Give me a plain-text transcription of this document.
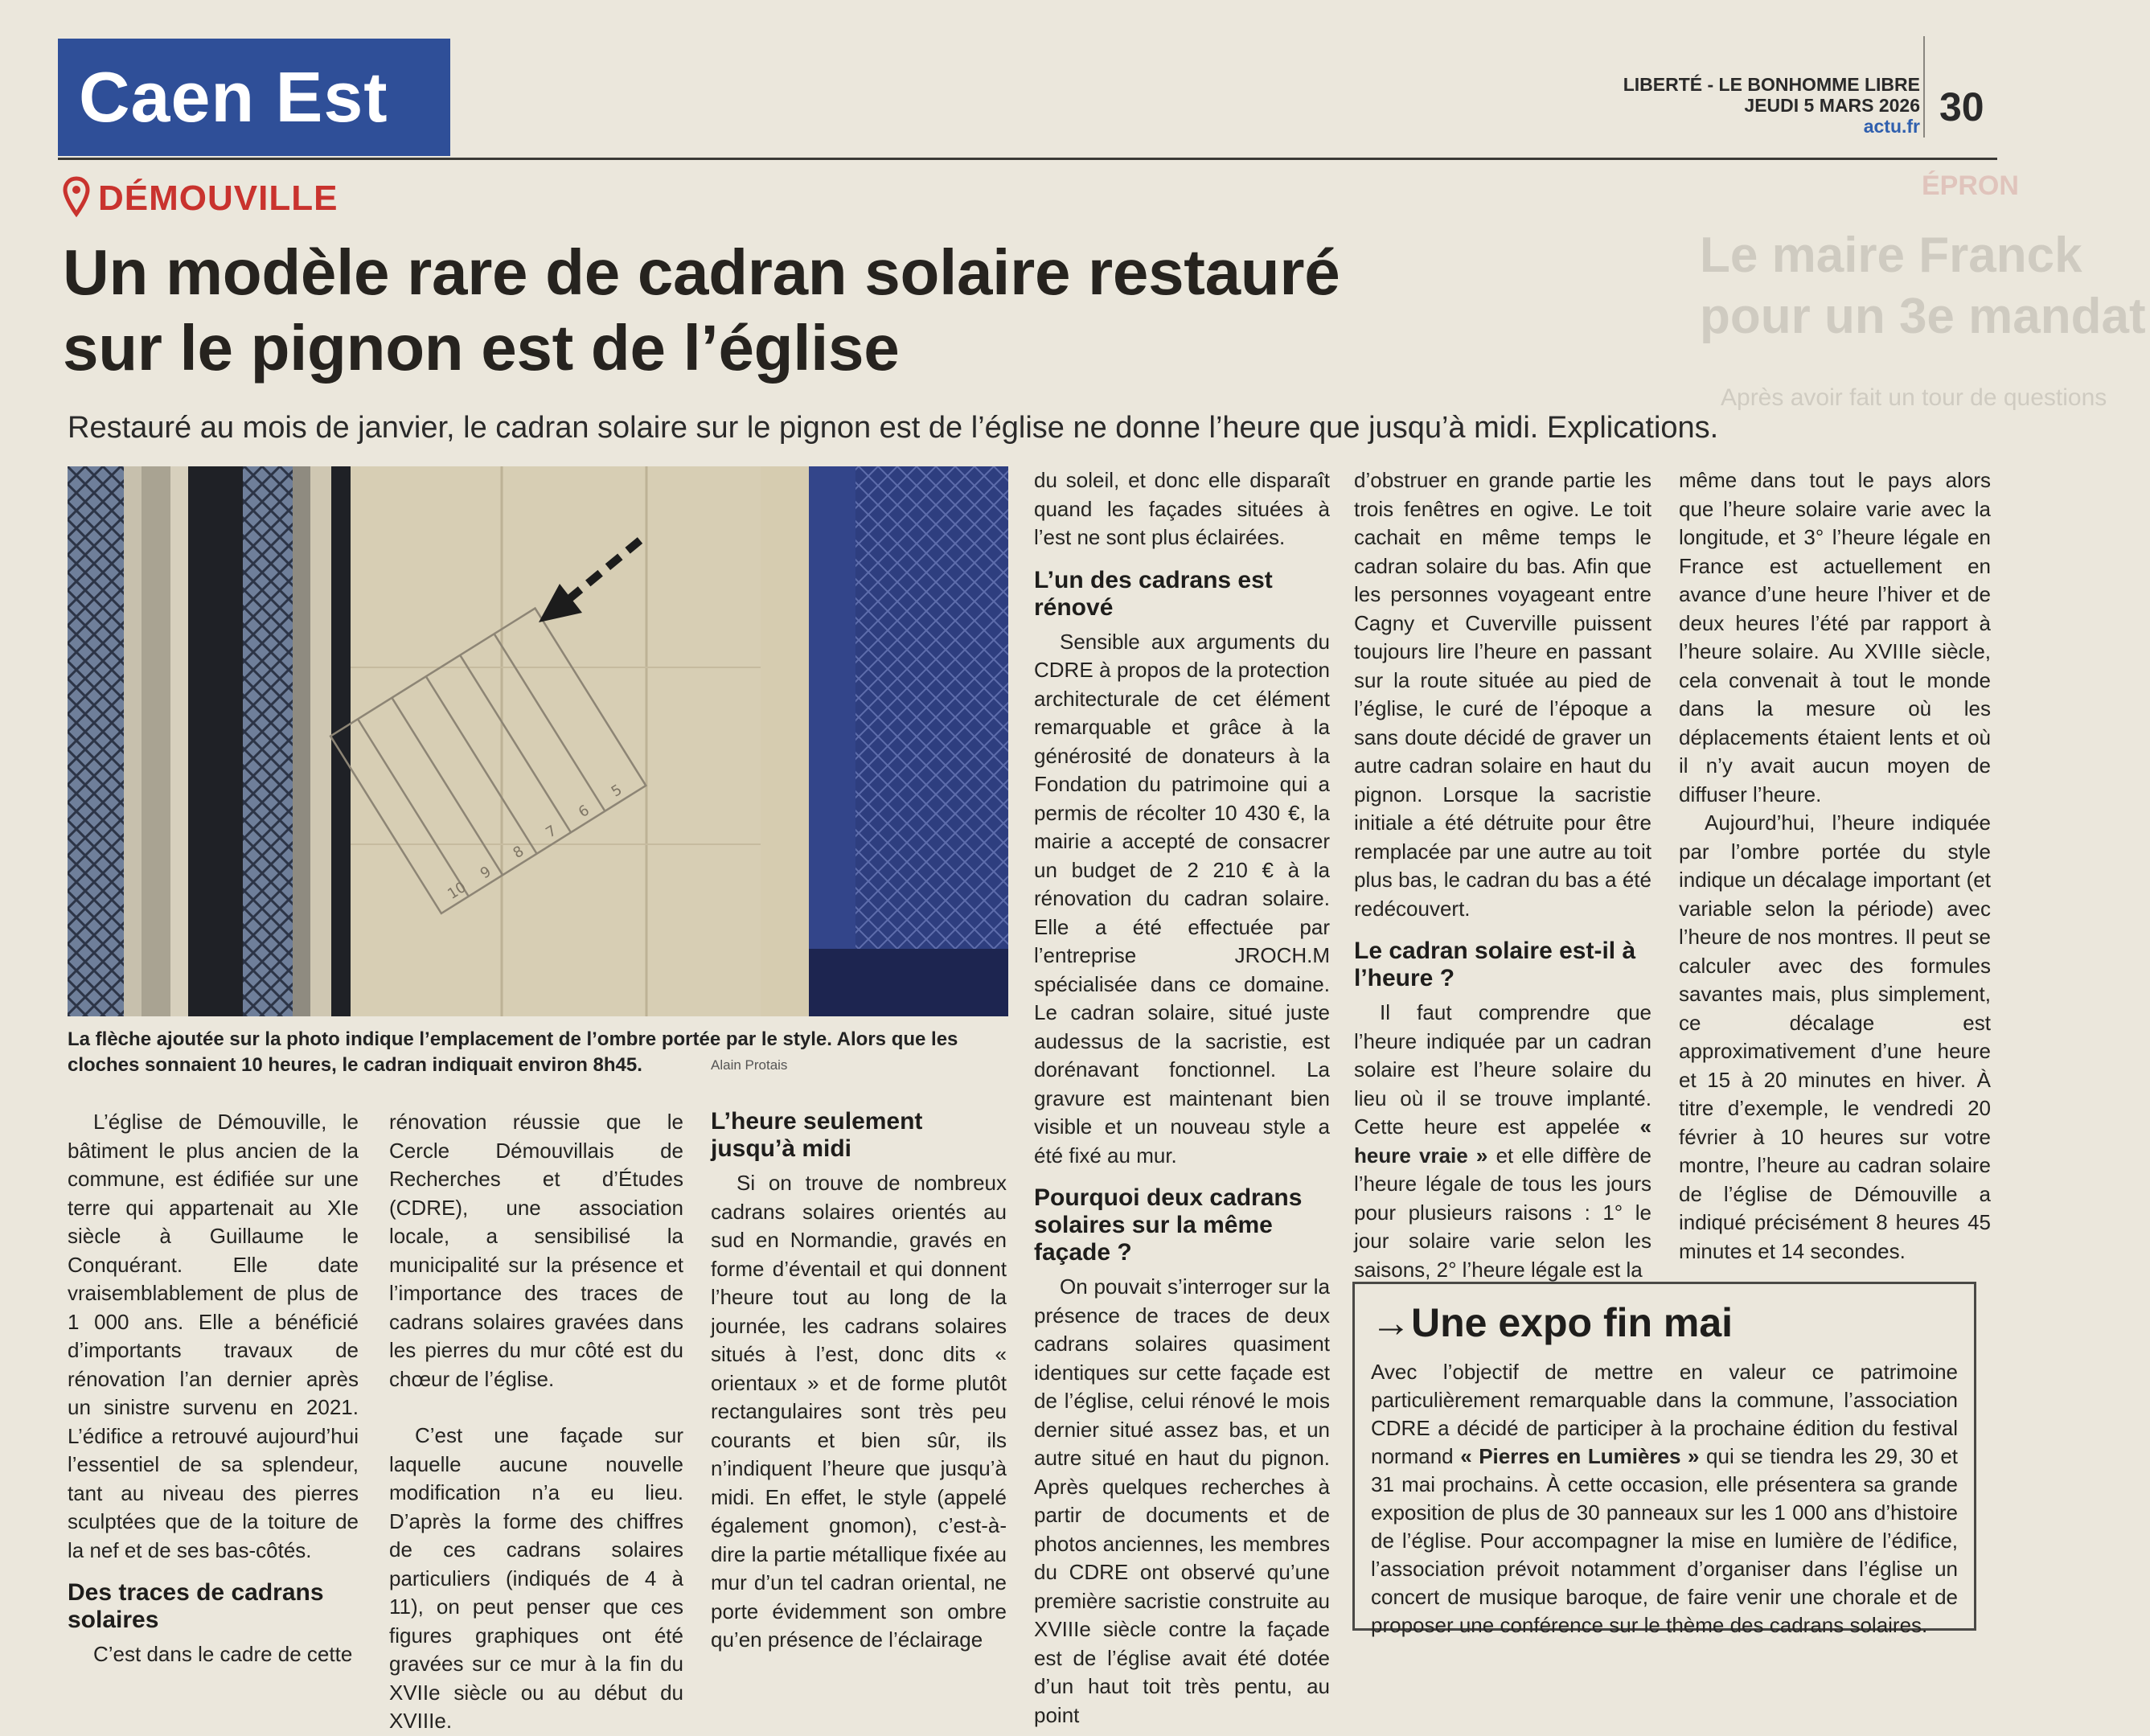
ÉPRON
Le maire Franck pour un 3e mandat
Après avoir fait un tour de questions
Caen Est	LIBERTÉ - LE BONHOMME LIBRE
JEUDI 5 MARS 2026
actu.fr 30
DÉMOUVILLE
Un modèle rare de cadran solaire restauré
sur le pignon est de l’église
Restauré au mois de janvier, le cadran solaire sur le pignon est de l’église ne donne l’heure que jusqu’à midi. Explications.
10
9
8
7
6
5
La flèche ajoutée sur la photo indique l’emplacement de l’ombre portée par le style. Alors que les cloches sonnaient 10 heures, le cadran indiquait environ 8h45.	Alain Protais

L’église de Démouville, le bâtiment le plus ancien de la commune, est édifiée sur une terre qui appartenait au XIe siècle à Guillaume le Conquérant. Elle date vraisemblablement de plus de 1 000 ans. Elle a bénéficié d’importants travaux de rénovation l’an dernier après un sinistre survenu en 2021. L’édifice a retrouvé aujourd’hui l’essentiel de sa splendeur, tant au niveau des pierres sculptées que de la toiture de la nef et de ses bas-côtés.

Des traces de cadrans solaires

C’est dans le cadre de cette

rénovation réussie que le Cercle Démouvillais de Recherches et d’Études (CDRE), une association locale, a sensibilisé la municipalité sur la présence et l’importance des traces de cadrans solaires gravées dans les pierres du mur côté est du chœur de l’église.

C’est une façade sur laquelle aucune nouvelle modification n’a eu lieu. D’après la forme des chiffres de ces cadrans solaires particuliers (indiqués de 4 à 11), on peut penser que ces figures graphiques ont été gravées sur ce mur à la fin du XVIIe siècle ou au début du XVIIIe.

L’heure seulement jusqu’à midi

Si on trouve de nombreux cadrans solaires orientés au sud en Normandie, gravés en forme d’éventail et qui donnent l’heure tout au long de la journée, les cadrans solaires situés à l’est, donc dits « orientaux » et de forme plutôt rectangulaires sont très peu courants et bien sûr, ils n’indiquent l’heure que jusqu’à midi. En effet, le style (appelé également gnomon), c’est-à-dire la partie métallique fixée au mur d’un tel cadran oriental, ne porte évidemment son ombre qu’en présence de l’éclairage

du soleil, et donc elle disparaît quand les façades situées à l’est ne sont plus éclairées.

L’un des cadrans est rénové

Sensible aux arguments du CDRE à propos de la protection architecturale de cet élément remarquable et grâce à la générosité de donateurs à la Fondation du patrimoine qui a permis de récolter 10 430 €, la mairie a accepté de consacrer un budget de 2 210 € à la rénovation du cadran solaire. Elle a été effectuée par l’entreprise JROCH.M spécialisée dans ce domaine. Le cadran solaire, situé juste audessus de la sacristie, est dorénavant fonctionnel. La gravure est maintenant bien visible et un nouveau style a été fixé au mur.

Pourquoi deux cadrans solaires sur la même façade ?

On pouvait s’interroger sur la présence de traces de deux cadrans solaires quasiment identiques sur cette façade est de l’église, celui rénové le mois dernier situé assez bas, et un autre situé en haut du pignon. Après quelques recherches à partir de documents et de photos anciennes, les membres du CDRE ont observé qu’une première sacristie construite au XVIIIe siècle contre la façade est de l’église avait été dotée d’un haut toit très pentu, au point

d’obstruer en grande partie les trois fenêtres en ogive. Le toit cachait en même temps le cadran solaire du bas. Afin que les personnes voyageant entre Cagny et Cuverville puissent toujours lire l’heure en passant sur la route située au pied de l’église, le curé de l’époque a sans doute décidé de graver un autre cadran solaire en haut du pignon. Lorsque la sacristie initiale a été détruite pour être remplacée par une autre au toit plus bas, le cadran du bas a été redécouvert.

Le cadran solaire est-il à l’heure ?

Il faut comprendre que l’heure indiquée par un cadran solaire est l’heure solaire du lieu où il se trouve implanté. Cette heure est appelée « heure vraie » et elle diffère de l’heure légale de tous les jours pour plusieurs raisons : 1° le jour solaire varie selon les saisons, 2° l’heure légale est la

même dans tout le pays alors que l’heure solaire varie avec la longitude, et 3° l’heure légale en France est actuellement en avance d’une heure l’hiver et de deux heures l’été par rapport à l’heure solaire. Au XVIIIe siècle, cela convenait à tout le monde dans la mesure où les déplacements étaient lents et où il n’y avait aucun moyen de diffuser l’heure.

Aujourd’hui, l’heure indiquée par l’ombre portée du style indique un décalage important (et variable selon la période) avec l’heure de nos montres. Il peut se calculer avec des formules savantes mais, plus simplement, ce décalage est approximativement d’une heure et 15 à 20 minutes en hiver. À titre d’exemple, le vendredi 20 février à 10 heures sur votre montre, l’heure au cadran solaire de l’église de Démouville a indiqué précisément 8 heures 45 minutes et 14 secondes.

→Une expo fin mai
Avec l’objectif de mettre en valeur ce patrimoine particulièrement remarquable dans la commune, l’association CDRE a décidé de participer à la prochaine édition du festival normand « Pierres en Lumières » qui se tiendra les 29, 30 et 31 mai prochains. À cette occasion, elle présentera sa grande exposition de plus de 30 panneaux sur les 1 000 ans d’histoire de l’église. Pour accompagner la mise en lumière de l’édifice, l’association prévoit notamment d’organiser dans l’église un concert de musique baroque, de faire venir une chorale et de proposer une conférence sur le thème des cadrans solaires.
